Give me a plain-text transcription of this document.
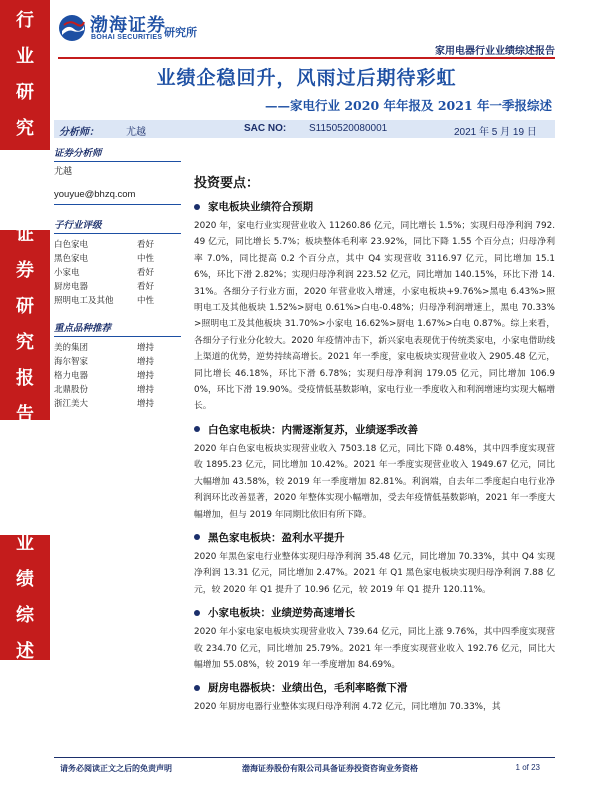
行
业
研
究
证
券
研
究
报
告
业
绩
综
述
渤海证券
BOHAI SECURITIES 研究所
家用电器行业业绩综述报告
业绩企稳回升，风雨过后期待彩虹
——家电行业 2020 年年报及 2021 年一季报综述
分析师：	尤越	SAC NO: S1150520080001	2021 年 5 月 19 日
证券分析师
尤越
youyue@bhzq.com
子行业评级
白色家电	看好
黑色家电	中性
小家电	看好
厨房电器	看好
照明电工及其他	中性
重点品种推荐
美的集团	增持
海尔智家	增持
格力电器	增持
北鼎股份	增持
浙江美大	增持
投资要点：
家电板块业绩符合预期

2020 年，家电行业实现营业收入 11260.86 亿元，同比增长 1.5%；实现归母净利润 792.49 亿元，同比增长 5.7%；板块整体毛利率 23.92%，同比下降 1.55 个百分点；归母净利率 7.0%，同比提高 0.2 个百分点，其中 Q4 实现营收 3116.97 亿元，同比增加 15.16%，环比下滑 2.82%；实现归母净利润 223.52 亿元，同比增加 140.15%，环比下滑 14.31%。各细分子行业方面，2020 年营业收入增速，小家电板块+9.76%>黑电 6.43%>照明电工及其他板块 1.52%>厨电 0.61%>白电-0.48%；归母净利润增速上，黑电 70.33%>照明电工及其他板块 31.70%>小家电 16.62%>厨电 1.67%>白电 0.87%。综上来看，各细分子行业分化较大。2020 年疫情冲击下，新兴家电表现优于传统类家电，小家电借助线上渠道的优势，逆势持续高增长。2021 年一季度，家电板块实现营业收入 2905.48 亿元，同比增长 46.18%，环比下滑 6.78%；实现归母净利润 179.05 亿元，同比增加 106.90%，环比下滑 19.90%。受疫情低基数影响，家电行业一季度收入和利润增速均实现大幅增长。

白色家电板块：内需逐渐复苏，业绩逐季改善

2020 年白色家电板块实现营业收入 7503.18 亿元，同比下降 0.48%，其中四季度实现营收 1895.23 亿元，同比增加 10.42%。2021 年一季度实现营业收入 1949.67 亿元，同比大幅增加 43.58%，较 2019 年一季度增加 82.81%。利润端，自去年二季度起白电行业净利润环比改善显著，2020 年整体实现小幅增加，受去年疫情低基数影响，2021 年一季度大幅增加，但与 2019 年同期比依旧有所下降。

黑色家电板块：盈利水平提升

2020 年黑色家电行业整体实现归母净利润 35.48 亿元，同比增加 70.33%，其中 Q4 实现净利润 13.31 亿元，同比增加 2.47%。2021 年 Q1 黑色家电板块实现归母净利润 7.88 亿元，较 2020 年 Q1 提升了 10.96 亿元，较 2019 年 Q1 提升 120.11%。

小家电板块：业绩逆势高速增长

2020 年小家电家电板块实现营业收入 739.64 亿元，同比上涨 9.76%，其中四季度实现营收 234.70 亿元，同比增加 25.79%。2021 年一季度实现营业收入 192.76 亿元，同比大幅增加 55.08%，较 2019 年一季度增加 84.69%。

厨房电器板块：业绩出色，毛利率略微下滑

2020 年厨房电器行业整体实现归母净利润 4.72 亿元，同比增加 70.33%，其

请务必阅读正文之后的免责声明	渤海证券股份有限公司具备证券投资咨询业务资格	1 of 23
